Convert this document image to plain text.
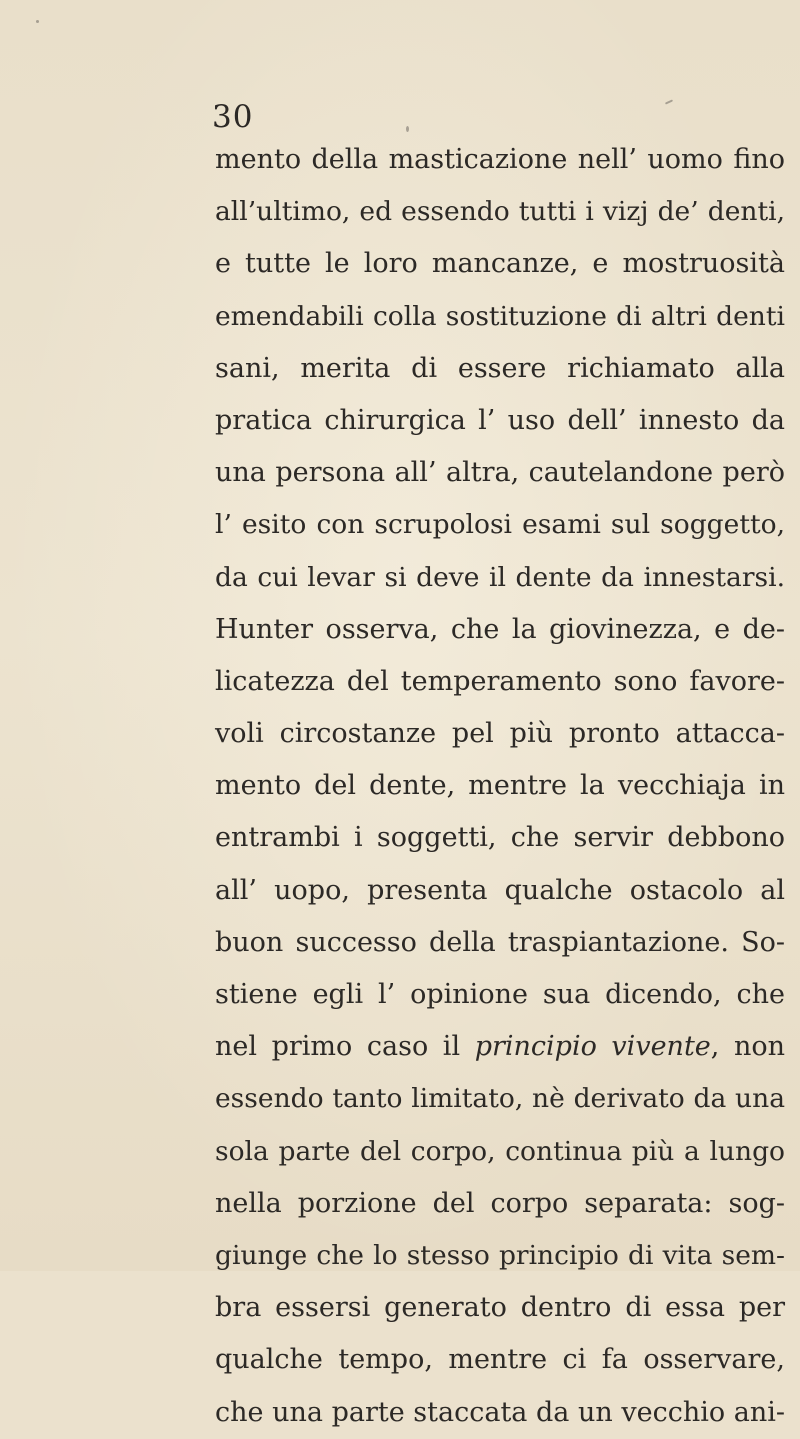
30
mento della masticazione nell’ uomo fino
all’ultimo, ed essendo tutti i vizj de’ denti,
e tutte le loro mancanze, e mostruosità
emendabili colla sostituzione di altri denti
sani, merita di essere richiamato alla
pratica chirurgica l’ uso dell’ innesto da
una persona all’ altra, cautelandone però
l’ esito con scrupolosi esami sul soggetto,
da cui levar si deve il dente da innestarsi.
Hunter osserva, che la giovinezza, e de-
licatezza del temperamento sono favore-
voli circostanze pel più pronto attacca-
mento del dente, mentre la vecchiaja in
entrambi i soggetti, che servir debbono
all’ uopo, presenta qualche ostacolo al
buon successo della traspiantazione. So-
stiene egli l’ opinione sua dicendo, che
nel primo caso il principio vivente, non
essendo tanto limitato, nè derivato da una
sola parte del corpo, continua più a lungo
nella porzione del corpo separata: sog-
giunge che lo stesso principio di vita sem-
bra essersi generato dentro di essa per
qualche tempo, mentre ci fa osservare,
che una parte staccata da un vecchio ani-
